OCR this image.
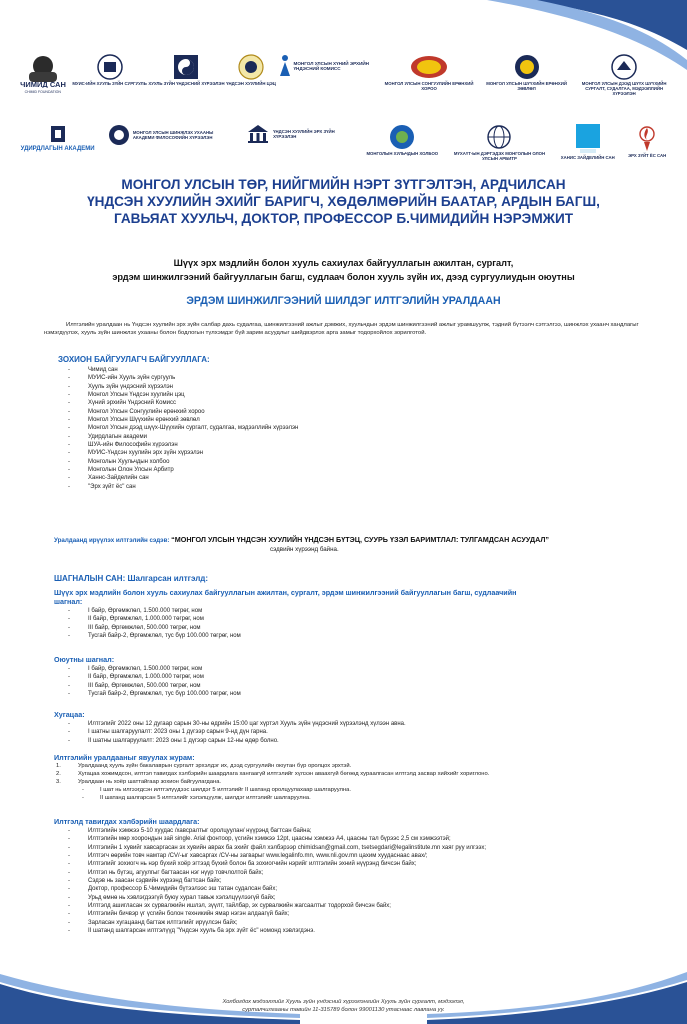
ЧИМИД САН
CHIMID FOUNDATION
МУИС-ИЙН ХУУЛЬ ЗҮЙН СУРГУУЛЬ ХУУЛЬ ЗҮЙН ҮНДЭСНИЙ ХҮРЭЭЛЭН ҮНДСЭН ХУУЛИЙН ЦЭЦ
МОНГОЛ УЛСЫН ХҮНИЙ ЭРХИЙН ҮНДЭСНИЙ КОМИСС
МОНГОЛ УЛСЫН СОНГУУЛИЙН ЕРӨНХИЙ ХОРОО
МОНГОЛ УЛСЫН ШҮҮХИЙН ЕРӨНХИЙ ЗӨВЛӨЛ
МОНГОЛ УЛСЫН ДЭЭД ШҮҮХ ШҮҮХИЙН СУРГАЛТ, СУДАЛГАА, МЭДЭЭЛЛИЙН ХҮРЭЭЛЭН
УДИРДЛАГЫН АКАДЕМИ
МОНГОЛ УЛСЫН ШИНЖЛЭХ УХААНЫ АКАДЕМИ ФИЛОСОФИЙН ХҮРЭЭЛЭН
ҮНДСЭН ХУУЛИЙН ЭРХ ЗҮЙН ХҮРЭЭЛЭН
МОНГОЛЫН ХУЛЬЧДЫН ХОЛБОО	МҮХАҮТ-ЫН ДЭРГЭДЭХ МОНГОЛЫН ОЛОН УЛСЫН АРБИТР	ХАНИС ЗАЙДЕЛИЙН САН	ЭРХ ЗҮЙТ ЁС САН
МОНГОЛ УЛСЫН ТӨР, НИЙГМИЙН НЭРТ ЗҮТГЭЛТЭН, АРДЧИЛСАН
ҮНДСЭН ХУУЛИЙН ЭХИЙГ БАРИГЧ, ХӨДӨЛМӨРИЙН БААТАР, АРДЫН БАГШ,
ГАВЬЯАТ ХУУЛЬЧ, ДОКТОР, ПРОФЕССОР Б.ЧИМИДИЙН НЭРЭМЖИТ
Шүүх эрх мэдлийн болон хууль сахиулах байгууллагын ажилтан, сургалт,
эрдэм шинжилгээний байгууллагын багш, судлаач болон хууль зүйн их, дээд сургуулиудын оюутны
ЭРДЭМ ШИНЖИЛГЭЭНИЙ ШИЛДЭГ ИЛТГЭЛИЙН УРАЛДААН

Илтгэлийн уралдаан нь Үндсэн хуулийн эрх зүйн салбар дахь судалгаа, шинжилгээний ажлыг дэмжих, хуульчдын эрдэм шинжилгээний ажлыг урамшуулж, тэдний бүтээлч сэтгэлгээ, шинжлэх ухаанч хандлагыг нэмэгдүүлэх, хууль зүйн шинжлэх ухааны болон бодлогын түлхэмдэг бүй зарим асуудлыг шийдвэрлэх арга замыг тодорхойлох зорилготой.

ЗОХИОН БАЙГУУЛАГЧ БАЙГУУЛЛАГА:
- Чимид сан
- МУИС-ийн Хууль зүйн сургууль
- Хууль зүйн үндэсний хүрээлэн
- Монгол Улсын Үндсэн хуулийн цэц
- Хүний эрхийн Үндэсний Комисс
- Монгол Улсын Сонгуулийн ерөнхий хороо
- Монгол Улсын Шүүхийн ерөнхий зөвлөл
- Монгол Улсын дээд шүүх-Шүүхийн сургалт, судалгаа, мэдээллийн хүрээлэн
- Удирдлагын академи
- ШУА-ийн Философийн хүрээлэн
- МУИС-Үндсэн хуулийн эрх зүйн хүрээлэн
- Монголын Хуульчдын холбоо
- Монголын Олон Улсын Арбитр
- Ханнс-Зайделийн сан
- "Эрх зүйт ёс" сан
Уралдаанд ирүүлэх илтгэлийн сэдэв: “МОНГОЛ УЛСЫН ҮНДСЭН ХУУЛИЙН ҮНДСЭН БҮТЭЦ, СУУРЬ ҮЗЭЛ БАРИМТЛАЛ: ТУЛГАМДСАН АСУУДАЛ”
сэдвийн хүрээнд байна.
ШАГНАЛЫН САН: Шалгарсан илтгэлд:
Шүүх эрх мэдлийн болон хууль сахиулах байгууллагын ажилтан, сургалт, эрдэм шинжилгээний байгууллагын багш, судлаачийн шагнал:
- I байр, Өргөмжлөл, 1.500.000 төгрөг, ном
- II байр, Өргөмжлөл, 1.000.000 төгрөг, ном
- III байр, Өргөмжлөл, 500.000 төгрөг, ном
- Тусгай байр-2, Өргөмжлөл, тус бүр 100.000 төгрөг, ном
Оюутны шагнал:
- I байр, Өргөмжлөл, 1.500.000 төгрөг, ном
- II байр, Өргөмжлөл, 1.000.000 төгрөг, ном
- III байр, Өргөмжлөл, 500.000 төгрөг, ном
- Тусгай байр-2, Өргөмжлөл, тус бүр 100.000 төгрөг, ном
Хугацаа:
- Илтгэлийг 2022 оны 12 дугаар сарын 30-ны өдрийн 15:00 цаг хүртэл Хууль зүйн үндэсний хүрээлэнд хүлээн авна.
- I шатны шалгаруулалт: 2023 оны 1 дүгээр сарын 9-нд дүн гарна.
- II шатны шалгаруулалт: 2023 оны 1 дүгээр сарын 12-ны өдөр болно.
Илтгэлийн уралдааныг явуулах журам:
1.	Уралдаанд хууль зүйн бакалаврын сургалт эрхэлдэг их, дээд сургуулийн оюутан бүр оролцох эрхтэй.
2.	Хугацаа хожимдсон, илтгэл тавигдах хэлбэрийн шаардлага хангаагүй илтгэлийг хүлээн аваахгүй бөгөөд хураалгасан илтгэлд засвар хийхийг хориглоно.
3.	Уралдаан нь хоёр шаттайгаар зохион байгуулагдана.
- I шат нь илгээгдсэн илтгэлүүдээс шилдэг 5 илтгэлийг II шатанд оролцуулахаар шалгаруулна.
- II шатанд шалгарсан 5 илтгэлийг хэлэлцүүлж, шилдэг илтгэлийг шалгаруулна.
Илтгэлд тавигдах хэлбэрийн шаардлага:
- Илтгэлийн хэмжээ 5-10 хуудас /хавсралтыг оролцуулан/ нүүрэнд багтсан байна;
- Илтгэлийн мөр хоорондын зай single. Arial фонтоор, үсгийн хэмжээ 12pt, цаасны хэмжээ А4, цаасны тал бүрээс 2,5 см хэмжээтэй;
- Илтгэлийн 1 хувийг хавсаргасан эх хувийн аврах ба эхийг файл хэлбэрээр chimidsan@gmail.com, tsetsegdari@legalinstitute.mn хаяг руу илгээх;
- Илтгэгч өөрийн товч намтар /CV/-ыг хавсаргах /CV-ны загварыг www.legalinfo.mn, www.nli.gov.mn цахим хуудаснаас авах/;
- Илтгэлийг зохиогч нь нэр бүхий хоёр эгтээд бүхий болон ба зохиогчийн нэрийг илтгэлийн эхний нүүрэнд бичсэн байх;
- Илтгэл нь бүтэц, агуулгыг багтаасан нэг нүүр товчлолтой байх;
- Сэдэв нь заасан сэдвийн хүрээнд багтсан байх;
- Доктор, профессор Б.Чимидийн бүтээлээс эш татан судалсан байх;
- Урьд өмнө нь хэвлэгдээгүй буюу хурал тавьж хэлэлцүүлээгүй байх;
- Илтгэлд ашигласан эх сурвалжийн ишлэл, зүүлт, тайлбар, эх сурвалжийн жагсаалтыг тодорхой бичсэн байх;
- Илтгэлийн бичвэр үг үсгийн болон техникийн ямар нэгэн алдаагүй байх;
- Зарласан хугацаанд багтаж илтгэлийг ирүүлсэн байх;
- II шатанд шалгарсан илтгэлүүд "Үндсэн хууль ба эрх зүйт ёс" номонд хэвлэгдэнэ.
Холбогдох мэдээллийг Хууль зүйн үндэсний хүрээлэнгийн Хууль зүйн сургалт, мэдээлэл,
сурталчилгааны төвийн 11-315789 болон 99001130 утаснаас лавлана уу.
